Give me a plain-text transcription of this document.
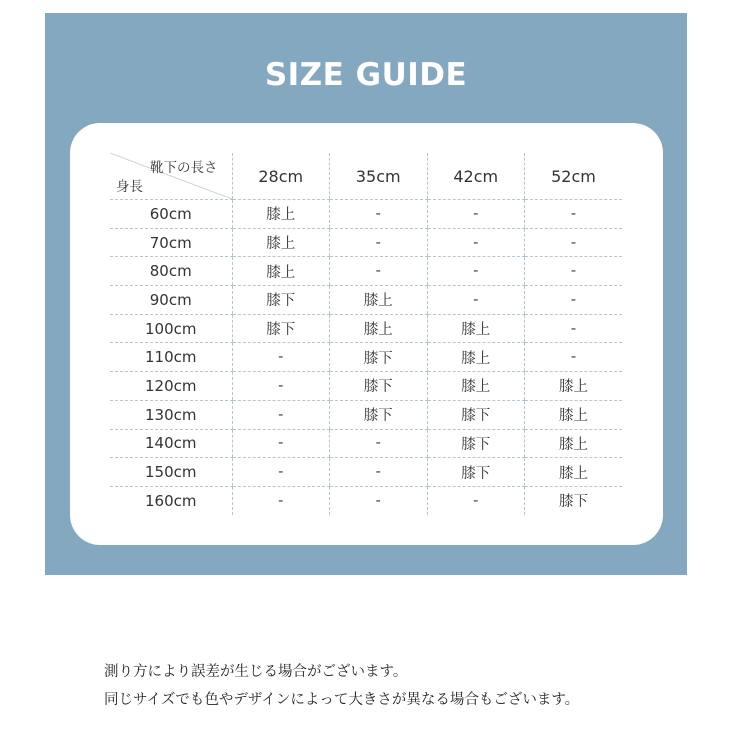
SIZE GUIDE
靴下の長さ
身長	28cm	35cm	42cm	52cm
60cm	膝上	-	-	-
70cm	膝上	-	-	-
80cm	膝上	-	-	-
90cm	膝下	膝上	-	-
100cm	膝下	膝上	膝上	-
110cm	-	膝下	膝上	-
120cm	-	膝下	膝上	膝上
130cm	-	膝下	膝下	膝上
140cm	-	-	膝下	膝上
150cm	-	-	膝下	膝上
160cm	-	-	-	膝下

測り方により誤差が生じる場合がございます。

同じサイズでも色やデザインによって大きさが異なる場合もございます。
